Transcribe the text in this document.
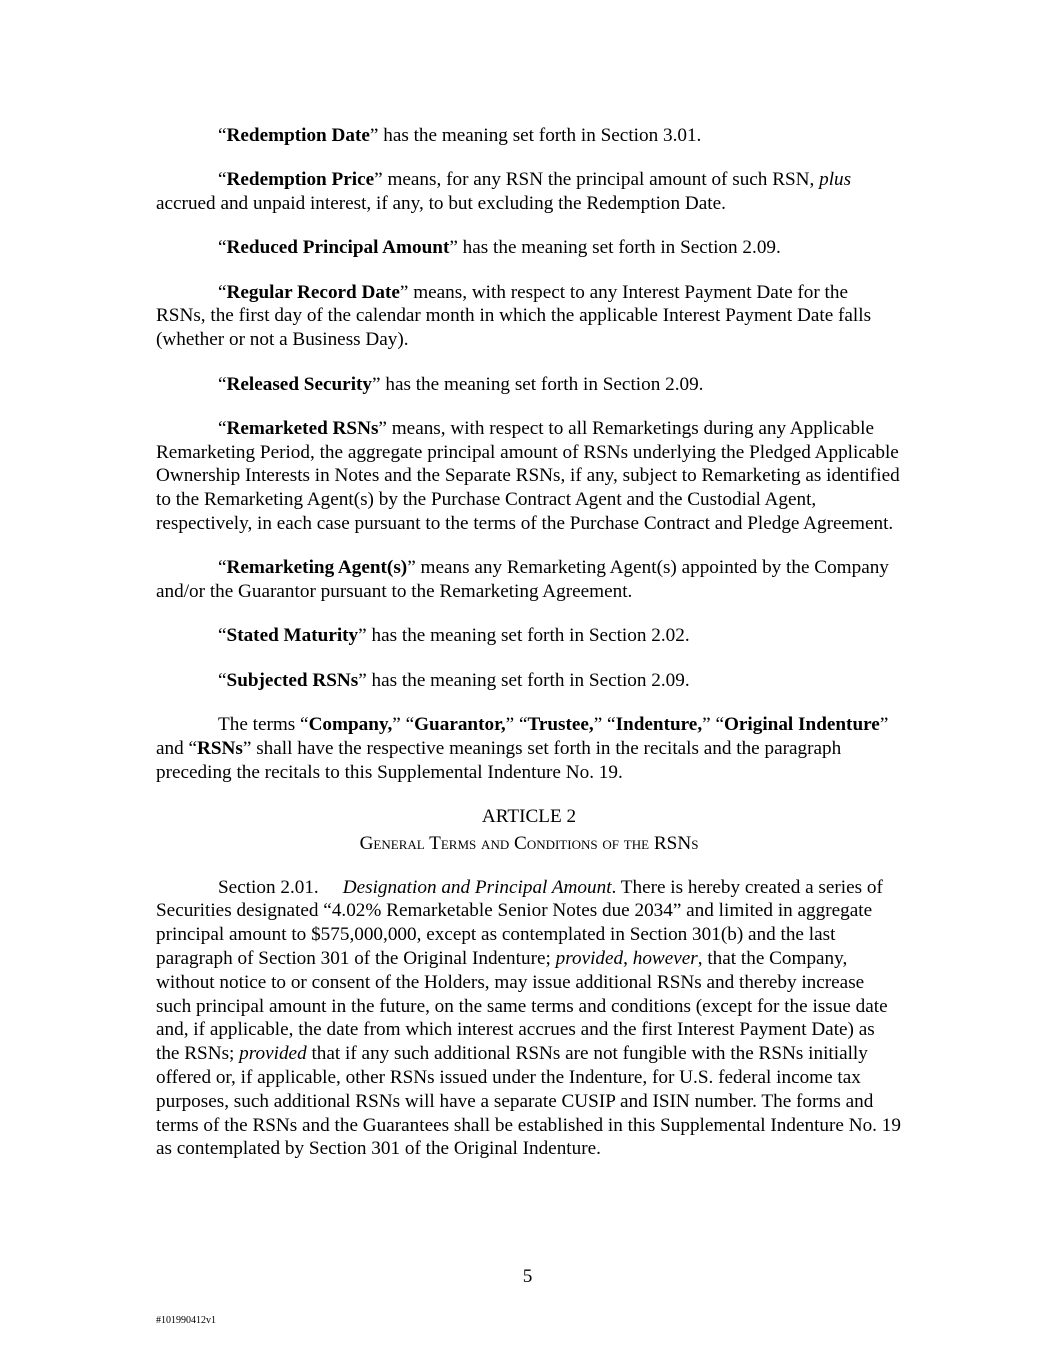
“Redemption Date” has the meaning set forth in Section 3.01.

“Redemption Price” means, for any RSN the principal amount of such RSN, plus accrued and unpaid interest, if any, to but excluding the Redemption Date.

“Reduced Principal Amount” has the meaning set forth in Section 2.09.

“Regular Record Date” means, with respect to any Interest Payment Date for the RSNs, the first day of the calendar month in which the applicable Interest Payment Date falls (whether or not a Business Day).

“Released Security” has the meaning set forth in Section 2.09.

“Remarketed RSNs” means, with respect to all Remarketings during any Applicable Remarketing Period, the aggregate principal amount of RSNs underlying the Pledged Applicable Ownership Interests in Notes and the Separate RSNs, if any, subject to Remarketing as identified to the Remarketing Agent(s) by the Purchase Contract Agent and the Custodial Agent, respectively, in each case pursuant to the terms of the Purchase Contract and Pledge Agreement.

“Remarketing Agent(s)” means any Remarketing Agent(s) appointed by the Company and/or the Guarantor pursuant to the Remarketing Agreement.

“Stated Maturity” has the meaning set forth in Section 2.02.

“Subjected RSNs” has the meaning set forth in Section 2.09.

The terms “Company,” “Guarantor,” “Trustee,” “Indenture,” “Original Indenture” and “RSNs” shall have the respective meanings set forth in the recitals and the paragraph preceding the recitals to this Supplemental Indenture No. 19.

ARTICLE 2

General Terms and Conditions of the RSNs

Section 2.01. Designation and Principal Amount. There is hereby created a series of Securities designated “4.02% Remarketable Senior Notes due 2034” and limited in aggregate principal amount to $575,000,000, except as contemplated in Section 301(b) and the last paragraph of Section 301 of the Original Indenture; provided, however, that the Company, without notice to or consent of the Holders, may issue additional RSNs and thereby increase such principal amount in the future, on the same terms and conditions (except for the issue date and, if applicable, the date from which interest accrues and the first Interest Payment Date) as the RSNs; provided that if any such additional RSNs are not fungible with the RSNs initially offered or, if applicable, other RSNs issued under the Indenture, for U.S. federal income tax purposes, such additional RSNs will have a separate CUSIP and ISIN number. The forms and terms of the RSNs and the Guarantees shall be established in this Supplemental Indenture No. 19 as contemplated by Section 301 of the Original Indenture.

5
#101990412v1
